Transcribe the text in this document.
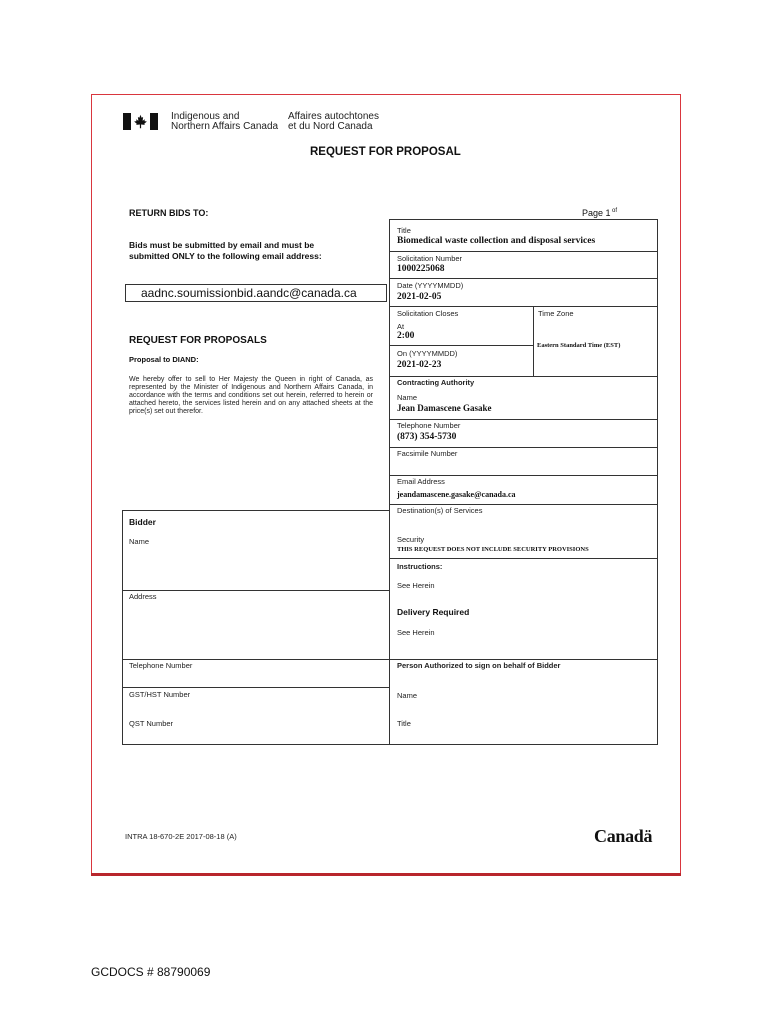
Indigenous and
Northern Affairs Canada
Affaires autochtones
et du Nord Canada
REQUEST FOR PROPOSAL
RETURN BIDS TO:
Bids must be submitted by email and must be
submitted ONLY to the following email address:
aadnc.soumissionbid.aandc@canada.ca
REQUEST FOR PROPOSALS
Proposal to DIAND:
We hereby offer to sell to Her Majesty the Queen in right of Canada, as represented by the Minister of Indigenous and Northern Affairs Canada, in accordance with the terms and conditions set out herein, referred to herein or attached hereto, the services listed herein and on any attached sheets at the price(s) set out therefor.
Page 1 of
Title
Biomedical waste collection and disposal services
Solicitation Number
1000225068
Date (YYYYMMDD)
2021-02-05
Solicitation Closes
At
2:00
On (YYYYMMDD)
2021-02-23
Time Zone
Eastern Standard Time (EST)
Contracting Authority
Name
Jean Damascene Gasake
Telephone Number
(873) 354-5730
Facsimile Number
Email Address
jeandamascene.gasake@canada.ca
Destination(s) of Services
Security
THIS REQUEST DOES NOT INCLUDE SECURITY PROVISIONS
Instructions:
See Herein
Delivery Required
See Herein
Person Authorized to sign on behalf of Bidder
Name
Title
Bidder
Name
Address
Telephone Number
GST/HST Number
QST Number
INTRA 18-670-2E 2017-08-18 (A)	Canadä
GCDOCS # 88790069
